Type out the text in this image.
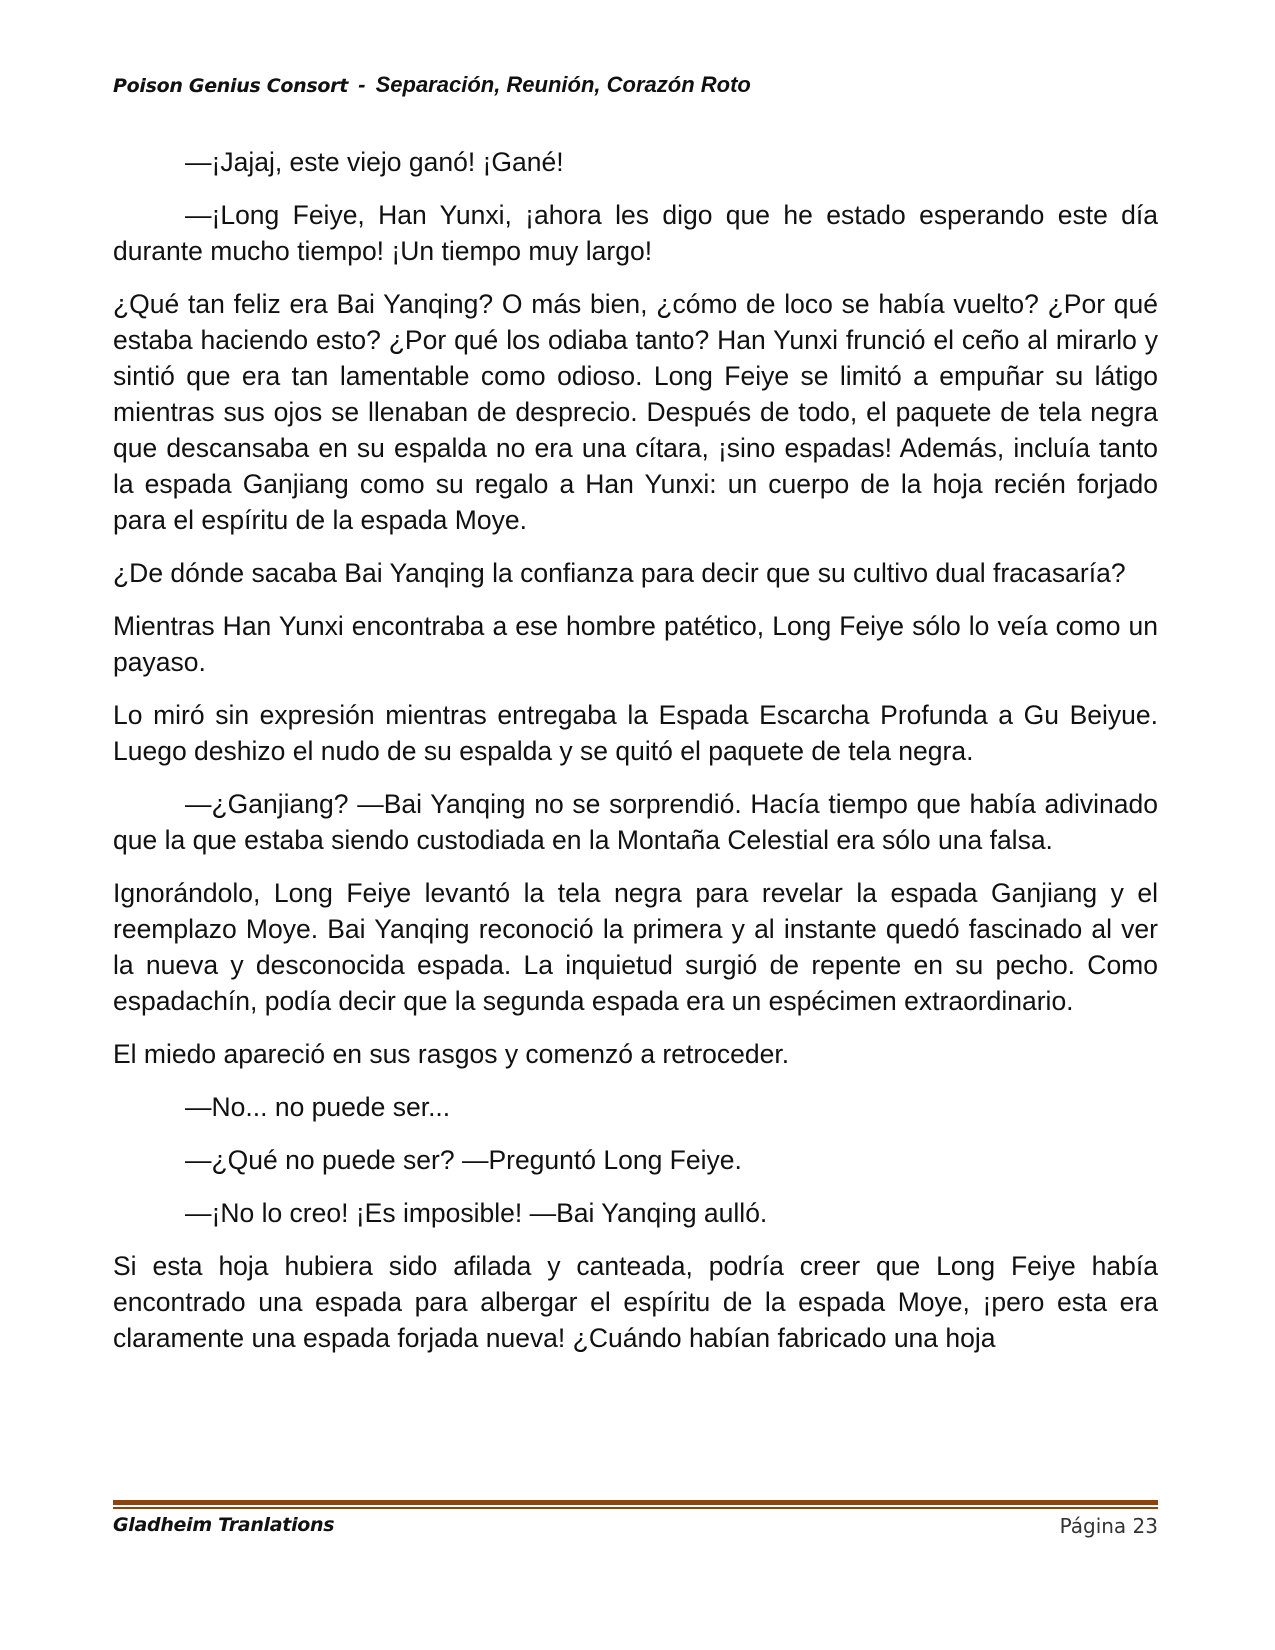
Poison Genius Consort - Separación, Reunión, Corazón Roto

—¡Jajaj, este viejo ganó! ¡Gané!

—¡Long Feiye, Han Yunxi, ¡ahora les digo que he estado esperando este día durante mucho tiempo! ¡Un tiempo muy largo!

¿Qué tan feliz era Bai Yanqing? O más bien, ¿cómo de loco se había vuelto? ¿Por qué estaba haciendo esto? ¿Por qué los odiaba tanto? Han Yunxi frunció el ceño al mirarlo y sintió que era tan lamentable como odioso. Long Feiye se limitó a empuñar su látigo mientras sus ojos se llenaban de desprecio. Después de todo, el paquete de tela negra que descansaba en su espalda no era una cítara, ¡sino espadas! Además, incluía tanto la espada Ganjiang como su regalo a Han Yunxi: un cuerpo de la hoja recién forjado para el espíritu de la espada Moye.

¿De dónde sacaba Bai Yanqing la confianza para decir que su cultivo dual fracasaría?

Mientras Han Yunxi encontraba a ese hombre patético, Long Feiye sólo lo veía como un payaso.

Lo miró sin expresión mientras entregaba la Espada Escarcha Profunda a Gu Beiyue. Luego deshizo el nudo de su espalda y se quitó el paquete de tela negra.

—¿Ganjiang? —Bai Yanqing no se sorprendió. Hacía tiempo que había adivinado que la que estaba siendo custodiada en la Montaña Celestial era sólo una falsa.

Ignorándolo, Long Feiye levantó la tela negra para revelar la espada Ganjiang y el reemplazo Moye. Bai Yanqing reconoció la primera y al instante quedó fascinado al ver la nueva y desconocida espada. La inquietud surgió de repente en su pecho. Como espadachín, podía decir que la segunda espada era un espécimen extraordinario.

El miedo apareció en sus rasgos y comenzó a retroceder.

—No... no puede ser...

—¿Qué no puede ser? —Preguntó Long Feiye.

—¡No lo creo! ¡Es imposible! —Bai Yanqing aulló.

Si esta hoja hubiera sido afilada y canteada, podría creer que Long Feiye había encontrado una espada para albergar el espíritu de la espada Moye, ¡pero esta era claramente una espada forjada nueva! ¿Cuándo habían fabricado una hoja

Gladheim Tranlations	Página 23
